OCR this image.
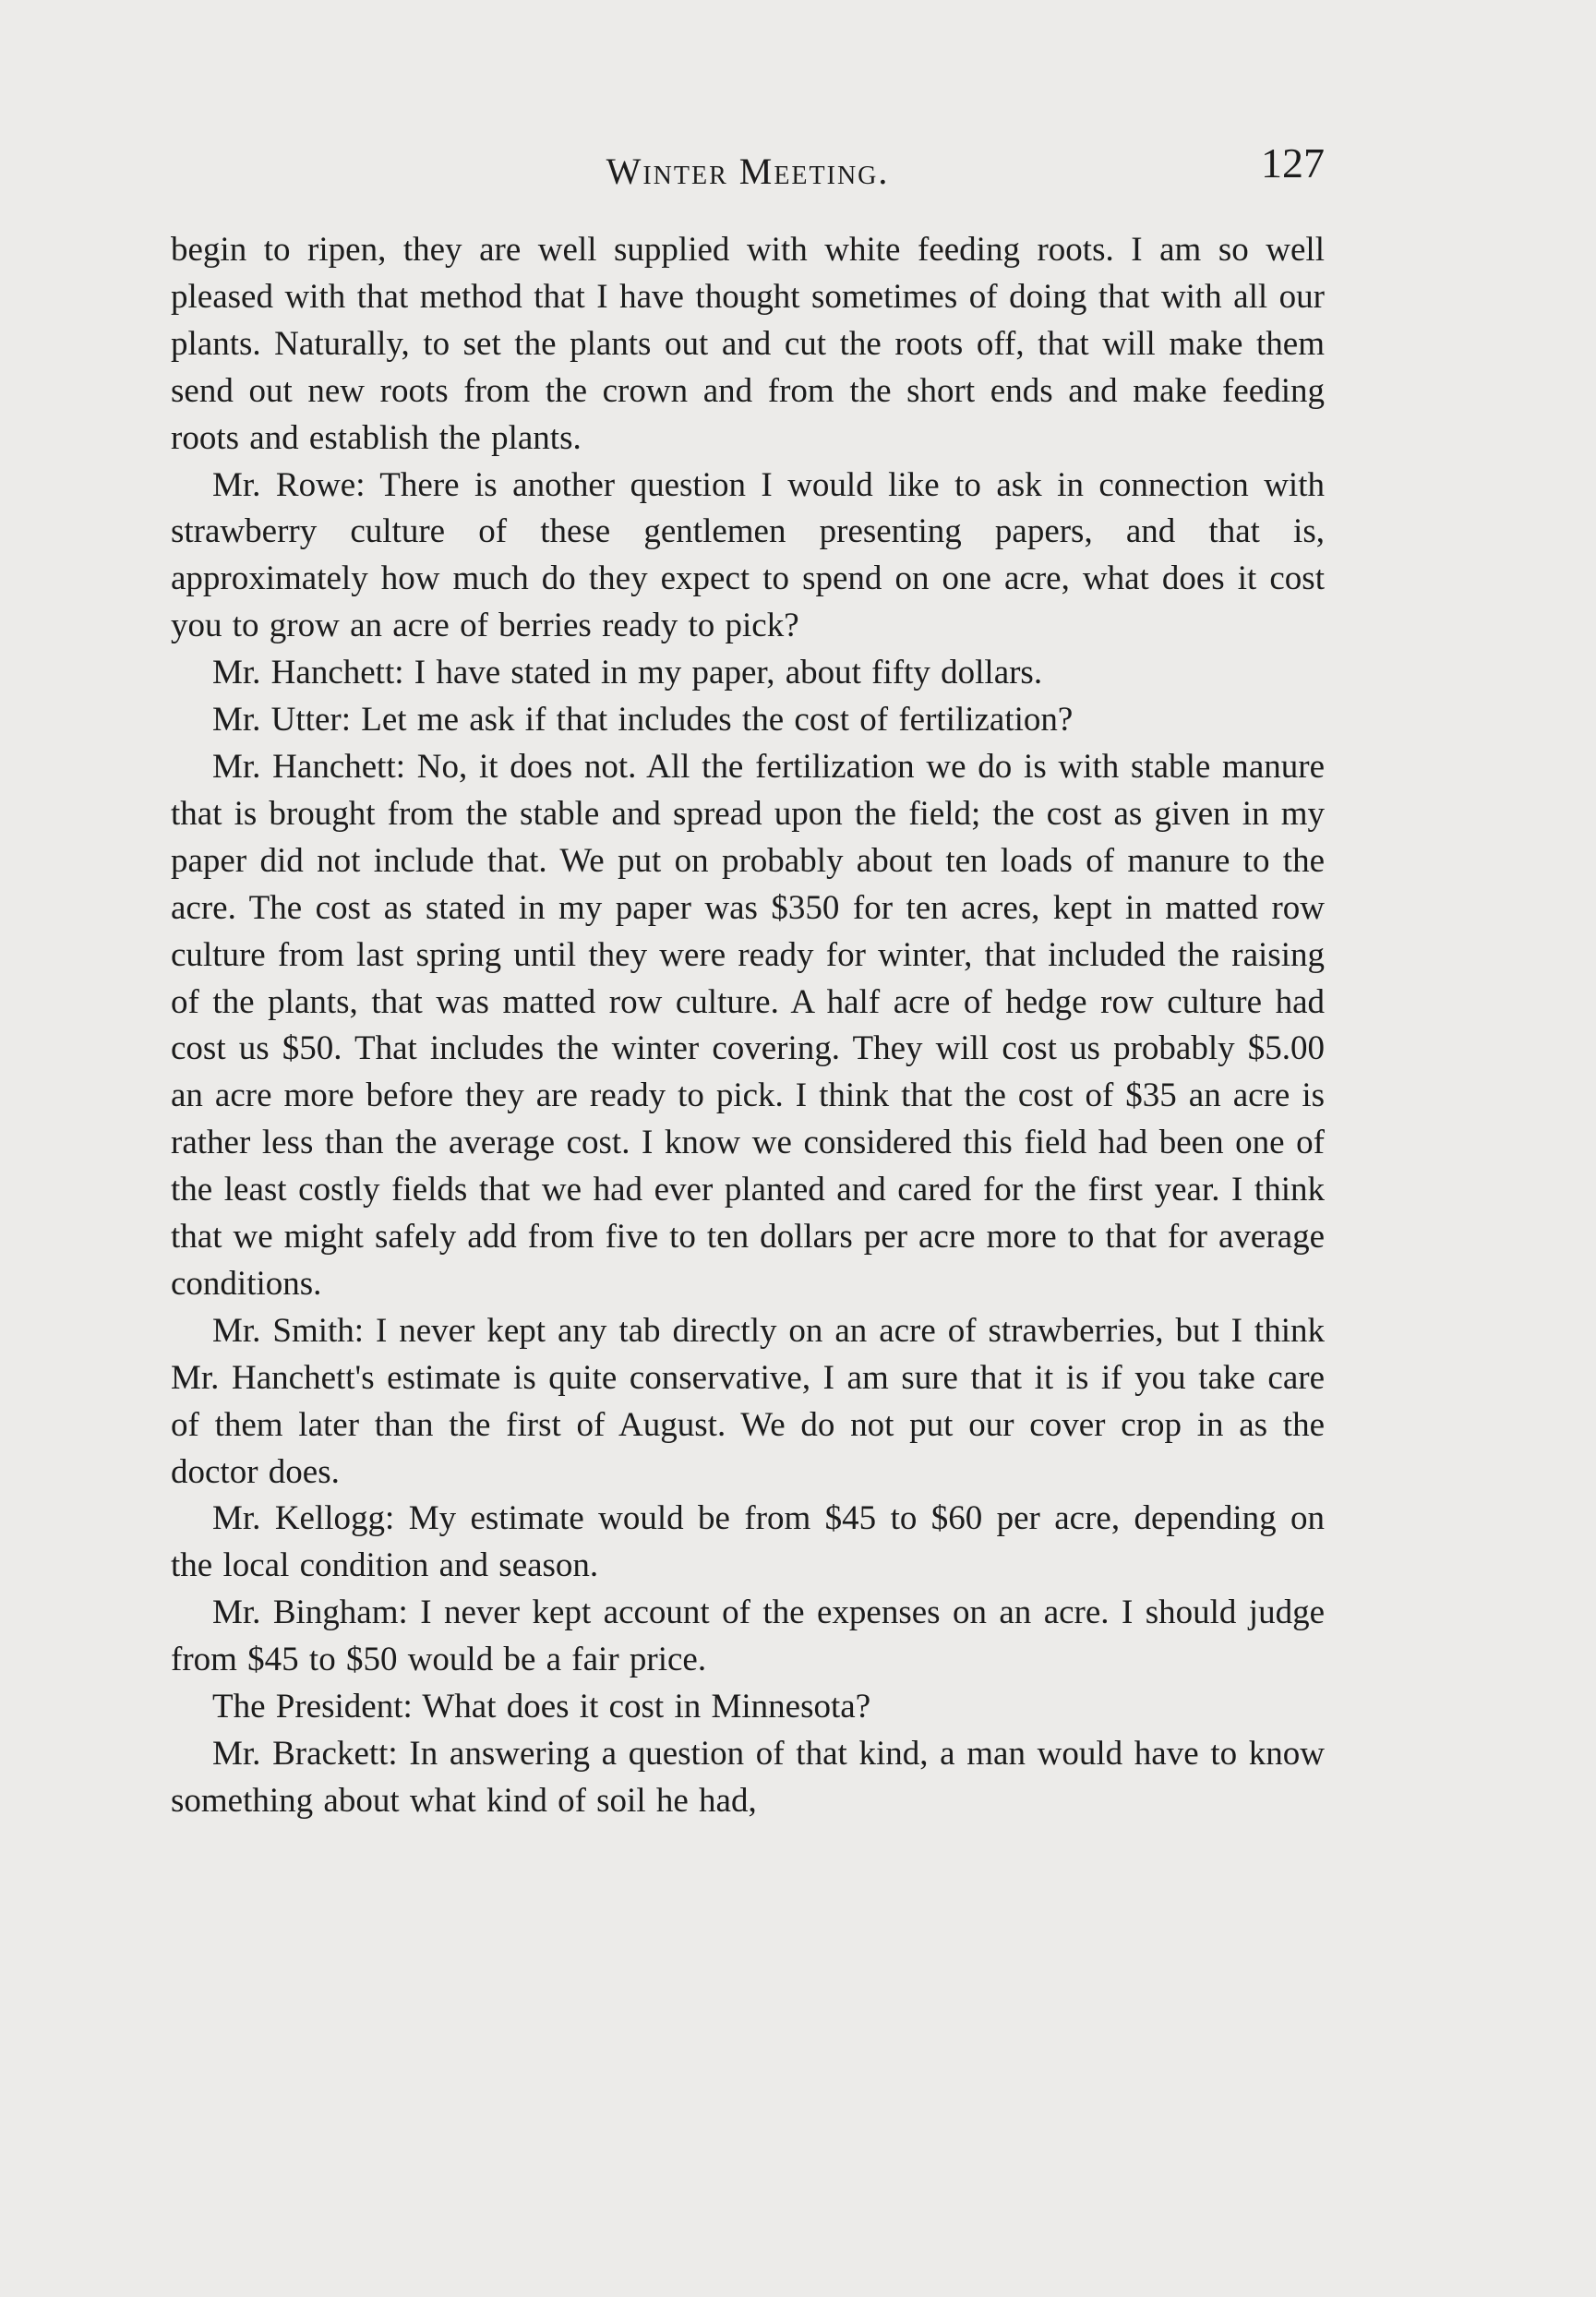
Winter Meeting.	127

begin to ripen, they are well supplied with white feeding roots. I am so well pleased with that method that I have thought sometimes of doing that with all our plants. Naturally, to set the plants out and cut the roots off, that will make them send out new roots from the crown and from the short ends and make feeding roots and establish the plants.

Mr. Rowe: There is another question I would like to ask in connection with strawberry culture of these gentlemen presenting papers, and that is, approximately how much do they expect to spend on one acre, what does it cost you to grow an acre of berries ready to pick?

Mr. Hanchett: I have stated in my paper, about fifty dollars.

Mr. Utter: Let me ask if that includes the cost of fertilization?

Mr. Hanchett: No, it does not. All the fertilization we do is with stable manure that is brought from the stable and spread upon the field; the cost as given in my paper did not include that. We put on probably about ten loads of manure to the acre. The cost as stated in my paper was $350 for ten acres, kept in matted row culture from last spring until they were ready for winter, that included the raising of the plants, that was matted row culture. A half acre of hedge row culture had cost us $50. That includes the winter covering. They will cost us probably $5.00 an acre more before they are ready to pick. I think that the cost of $35 an acre is rather less than the average cost. I know we considered this field had been one of the least costly fields that we had ever planted and cared for the first year. I think that we might safely add from five to ten dollars per acre more to that for average conditions.

Mr. Smith: I never kept any tab directly on an acre of strawberries, but I think Mr. Hanchett's estimate is quite conservative, I am sure that it is if you take care of them later than the first of August. We do not put our cover crop in as the doctor does.

Mr. Kellogg: My estimate would be from $45 to $60 per acre, depending on the local condition and season.

Mr. Bingham: I never kept account of the expenses on an acre. I should judge from $45 to $50 would be a fair price.

The President: What does it cost in Minnesota?

Mr. Brackett: In answering a question of that kind, a man would have to know something about what kind of soil he had,
